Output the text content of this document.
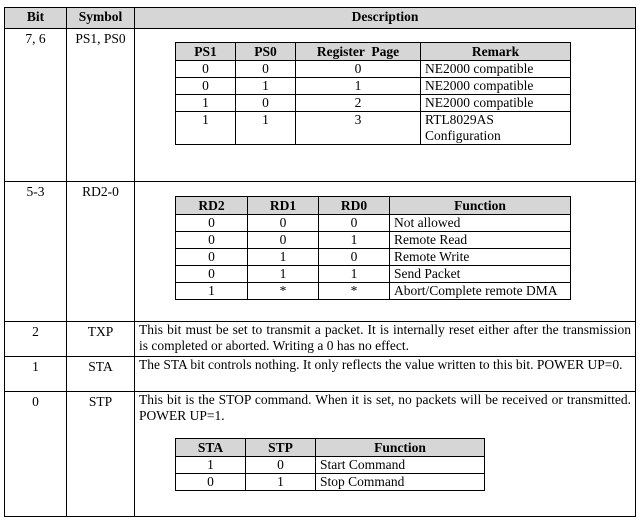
Bit	Symbol	Description
7, 6	PS1, PS0	
PS1	PS0	Register  Page	Remark
0	0	0	NE2000 compatible
0	1	1	NE2000 compatible
1	0	2	NE2000 compatible
1	1	3	RTL8029AS Configuration

5-3	RD2-0	
RD2	RD1	RD0	Function
0	0	0	Not allowed
0	0	1	Remote Read
0	1	0	Remote Write
0	1	1	Send Packet
1	*	*	Abort/Complete remote DMA

2	TXP	This bit must be set to transmit a packet. It is internally reset either after the transmission is completed or aborted. Writing a 0 has no effect.
1	STA	The STA bit controls nothing. It only reflects the value written to this bit. POWER UP=0.
0	STP	This bit is the STOP command. When it is set, no packets will be received or transmitted. POWER UP=1.
STA	STP	Function
1	0	Start Command
0	1	Stop Command
